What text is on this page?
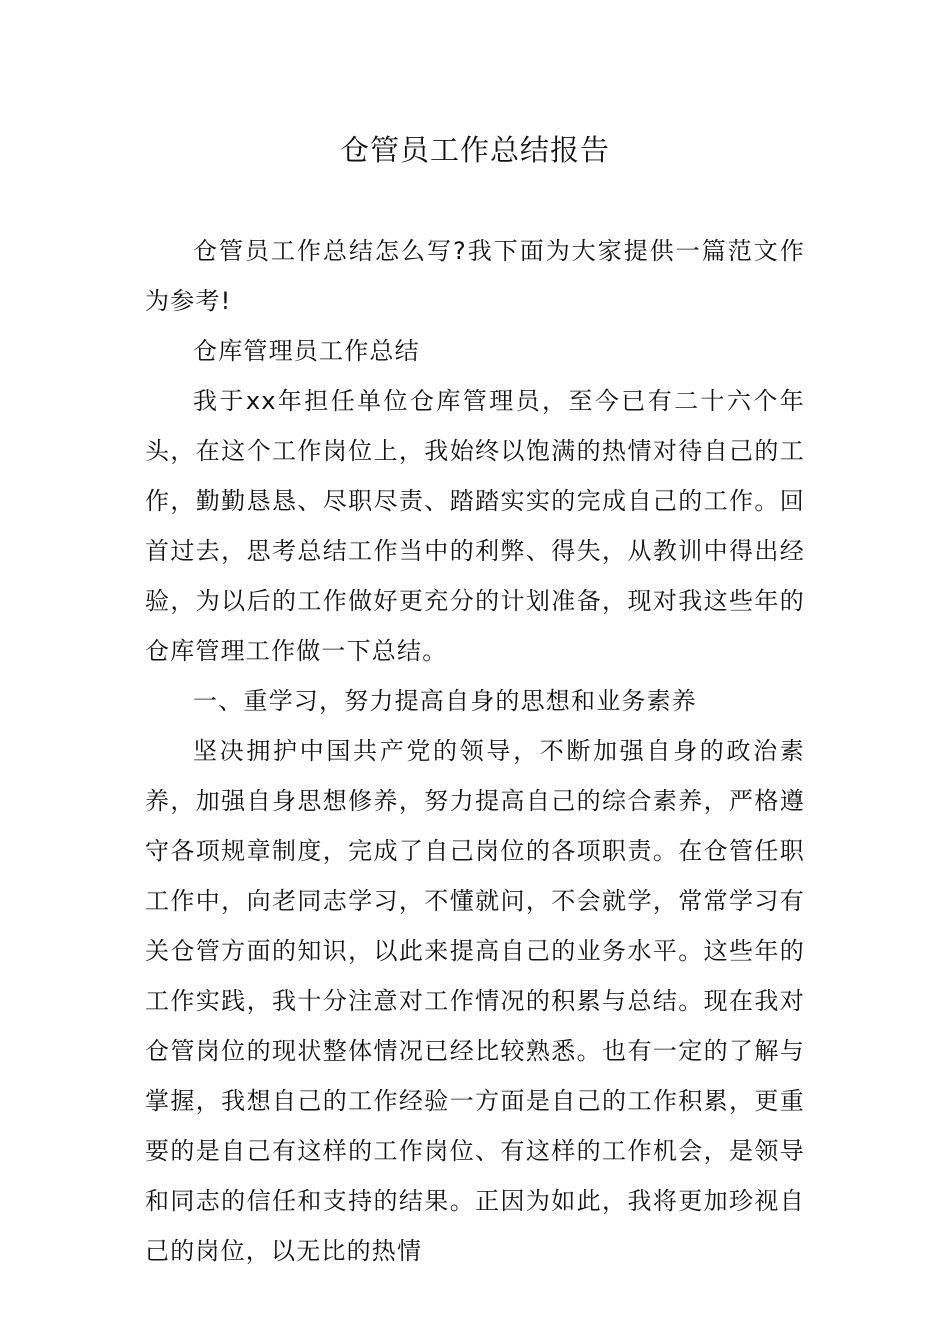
仓管员工作总结报告

仓管员工作总结怎么写?我下面为大家提供一篇范文作为参考!

仓库管理员工作总结

我于xx年担任单位仓库管理员，至今已有二十六个年头，在这个工作岗位上，我始终以饱满的热情对待自己的工作，勤勤恳恳、尽职尽责、踏踏实实的完成自己的工作。回首过去，思考总结工作当中的利弊、得失，从教训中得出经验，为以后的工作做好更充分的计划准备，现对我这些年的仓库管理工作做一下总结。

一、重学习，努力提高自身的思想和业务素养

坚决拥护中国共产党的领导，不断加强自身的政治素养，加强自身思想修养，努力提高自己的综合素养，严格遵守各项规章制度，完成了自己岗位的各项职责。在仓管任职工作中，向老同志学习，不懂就问，不会就学，常常学习有关仓管方面的知识，以此来提高自己的业务水平。这些年的工作实践，我十分注意对工作情况的积累与总结。现在我对仓管岗位的现状整体情况已经比较熟悉。也有一定的了解与掌握，我想自己的工作经验一方面是自己的工作积累，更重要的是自己有这样的工作岗位、有这样的工作机会，是领导和同志的信任和支持的结果。正因为如此，我将更加珍视自己的岗位，以无比的热情
